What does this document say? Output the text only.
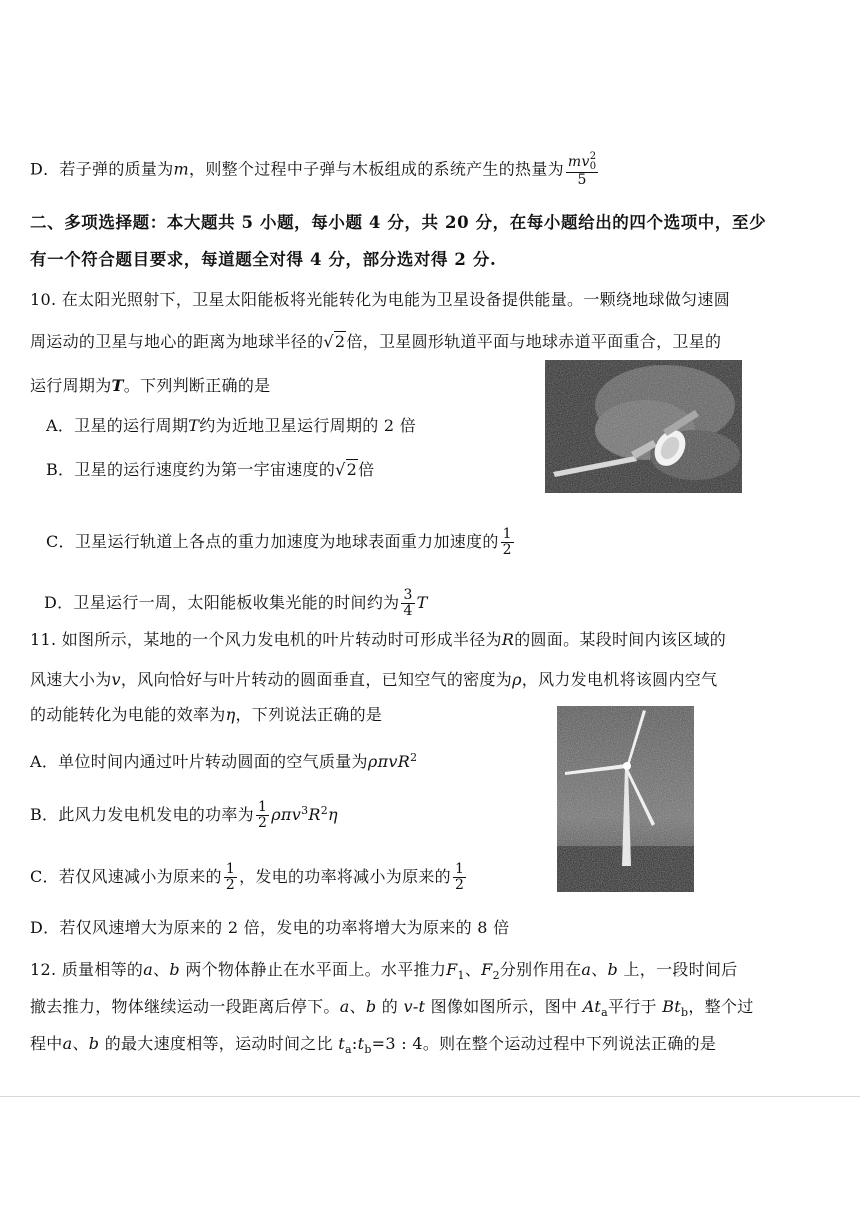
D．若子弹的质量为m，则整个过程中子弹与木板组成的系统产生的热量为 mv 2
0
5
二、多项选择题：本大题共 5 小题，每小题 4 分，共 20 分，在每小题给出的四个选项中，至少
有一个符合题目要求，每道题全对得 4 分，部分选对得 2 分.
10. 在太阳光照射下，卫星太阳能板将光能转化为电能为卫星设备提供能量。一颗绕地球做匀速圆
周运动的卫星与地心的距离为地球半径的√2倍，卫星圆形轨道平面与地球赤道平面重合，卫星的
运行周期为T。下列判断正确的是
A．卫星的运行周期T约为近地卫星运行周期的 2 倍
B．卫星的运行速度约为第一宇宙速度的√2倍
C．卫星运行轨道上各点的重力加速度为地球表面重力加速度的 $\frac{1}{2}$
D．卫星运行一周，太阳能板收集光能的时间约为 $\frac{3}{4}$ T
11. 如图所示，某地的一个风力发电机的叶片转动时可形成半径为R的圆面。某段时间内该区域的
风速大小为v，风向恰好与叶片转动的圆面垂直，已知空气的密度为ρ，风力发电机将该圆内空气
的动能转化为电能的效率为η，下列说法正确的是
A．单位时间内通过叶片转动圆面的空气质量为ρπvR$^2$
B．此风力发电机发电的功率为 $\frac{1}{2} \rho\pi v^3R^2\eta$
C．若仅风速减小为原来的 $\frac{1}{2}$ ，发电的功率将减小为原来的 $\frac{1}{2}$
D．若仅风速增大为原来的 2 倍，发电的功率将增大为原来的 8 倍
12. 质量相等的a、b 两个物体静止在水平面上。水平推力$F_1$、$F_2$分别作用在a、b 上，一段时间后
撤去推力，物体继续运动一段距离后停下。a、b 的 v-t 图像如图所示，图中 $At_a$平行于 $Bt_b$，整个过
程中a、b 的最大速度相等，运动时间之比 $t_a:t_b=3$ : 4。则在整个运动过程中下列说法正确的是
